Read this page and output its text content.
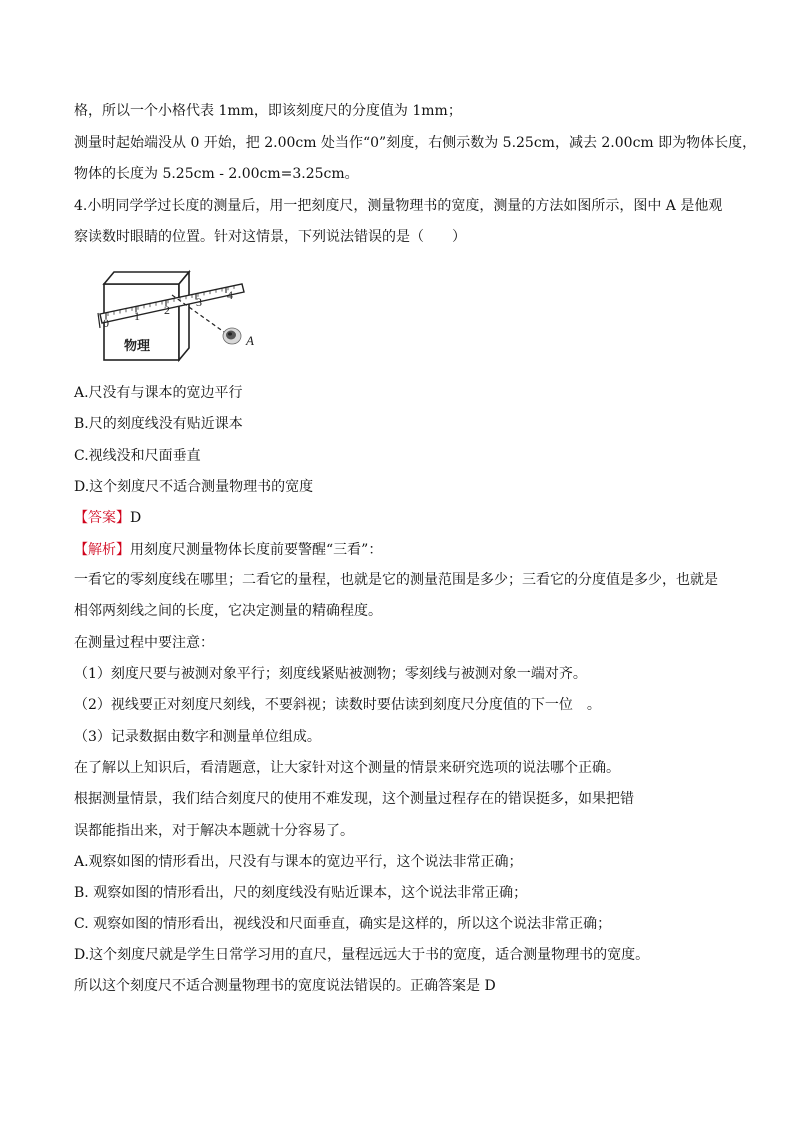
格，所以一个小格代表 1mm，即该刻度尺的分度值为 1mm；
测量时起始端没从 0 开始，把 2.00cm 处当作“0”刻度，右侧示数为 5.25cm，减去 2.00cm 即为物体长度，
物体的长度为 5.25cm - 2.00cm=3.25cm。
4.小明同学学过长度的测量后，用一把刻度尺，测量物理书的宽度，测量的方法如图所示，图中 A 是他观
察读数时眼睛的位置。针对这情景，下列说法错误的是（　　）
0 1 2
3 4
A
物理
A.尺没有与课本的宽边平行
B.尺的刻度线没有贴近课本
C.视线没和尺面垂直
D.这个刻度尺不适合测量物理书的宽度
【答案】D
【解析】用刻度尺测量物体长度前要警醒“三看”：
一看它的零刻度线在哪里；二看它的量程，也就是它的测量范围是多少；三看它的分度值是多少，也就是
相邻两刻线之间的长度，它决定测量的精确程度。
在测量过程中要注意：
（1）刻度尺要与被测对象平行；刻度线紧贴被测物；零刻线与被测对象一端对齐。
（2）视线要正对刻度尺刻线，不要斜视；读数时要估读到刻度尺分度值的下一位　。
（3）记录数据由数字和测量单位组成。
在了解以上知识后，看清题意，让大家针对这个测量的情景来研究选项的说法哪个正确。
根据测量情景，我们结合刻度尺的使用不难发现，这个测量过程存在的错误挺多，如果把错
误都能指出来，对于解决本题就十分容易了。
A.观察如图的情形看出，尺没有与课本的宽边平行，这个说法非常正确；
B. 观察如图的情形看出，尺的刻度线没有贴近课本，这个说法非常正确；
C. 观察如图的情形看出，视线没和尺面垂直，确实是这样的，所以这个说法非常正确；
D.这个刻度尺就是学生日常学习用的直尺，量程远远大于书的宽度，适合测量物理书的宽度。
所以这个刻度尺不适合测量物理书的宽度说法错误的。正确答案是 D
